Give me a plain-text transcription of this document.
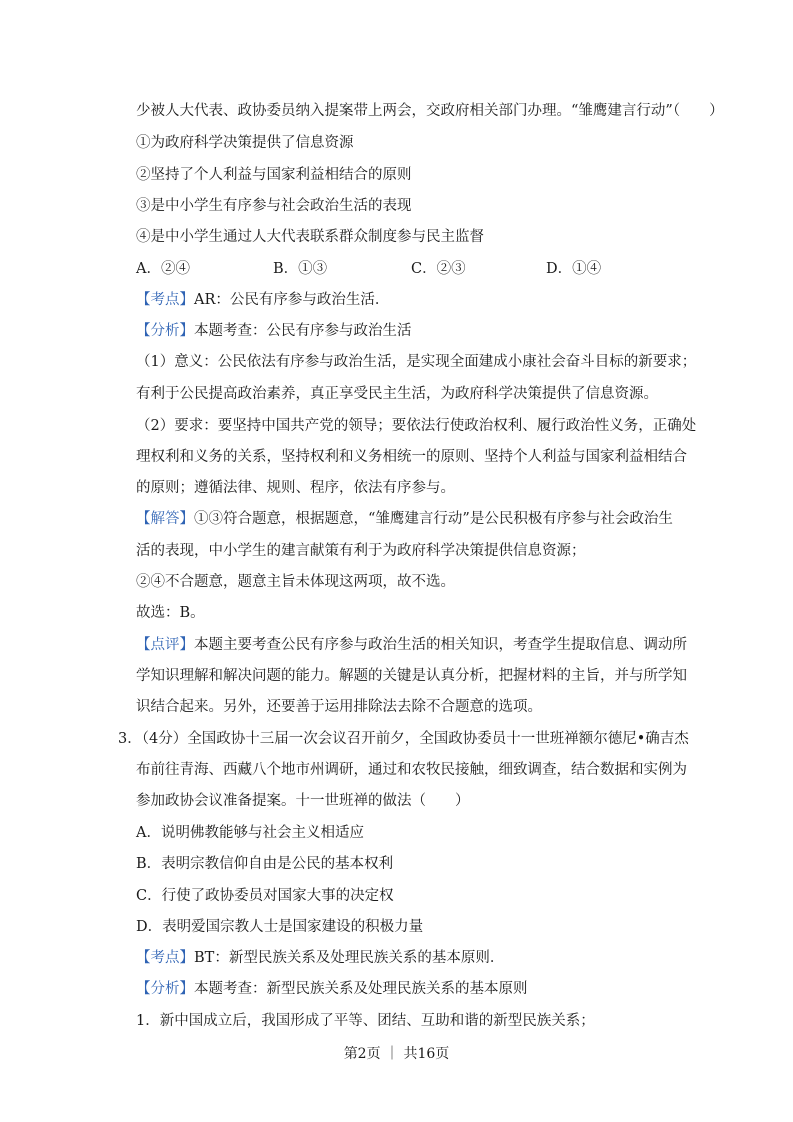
少被人大代表、政协委员纳入提案带上两会，交政府相关部门办理。“雏鹰建言行动”（　　）
①为政府科学决策提供了信息资源
②坚持了个人利益与国家利益相结合的原则
③是中小学生有序参与社会政治生活的表现
④是中小学生通过人大代表联系群众制度参与民主监督
A．②④	B．①③	C．②③	D．①④
【考点】AR：公民有序参与政治生活．
【分析】本题考查：公民有序参与政治生活
（1）意义：公民依法有序参与政治生活，是实现全面建成小康社会奋斗目标的新要求；
有利于公民提高政治素养，真正享受民主生活，为政府科学决策提供了信息资源。
（2）要求：要坚持中国共产党的领导；要依法行使政治权利、履行政治性义务，正确处
理权利和义务的关系，坚持权利和义务相统一的原则、坚持个人利益与国家利益相结合
的原则；遵循法律、规则、程序，依法有序参与。
【解答】①③符合题意，根据题意，“雏鹰建言行动”是公民积极有序参与社会政治生
活的表现，中小学生的建言献策有利于为政府科学决策提供信息资源；
②④不合题意，题意主旨未体现这两项，故不选。
故选：B。
【点评】本题主要考查公民有序参与政治生活的相关知识，考查学生提取信息、调动所
学知识理解和解决问题的能力。解题的关键是认真分析，把握材料的主旨，并与所学知
识结合起来。另外，还要善于运用排除法去除不合题意的选项。
3．（4分）全国政协十三届一次会议召开前夕，全国政协委员十一世班禅额尔德尼•确吉杰
布前往青海、西藏八个地市州调研，通过和农牧民接触，细致调查，结合数据和实例为
参加政协会议准备提案。十一世班禅的做法（　　）
A．说明佛教能够与社会主义相适应
B．表明宗教信仰自由是公民的基本权利
C．行使了政协委员对国家大事的决定权
D．表明爱国宗教人士是国家建设的积极力量
【考点】BT：新型民族关系及处理民族关系的基本原则．
【分析】本题考查：新型民族关系及处理民族关系的基本原则
1．新中国成立后，我国形成了平等、团结、互助和谐的新型民族关系；
第2页 ｜ 共16页
